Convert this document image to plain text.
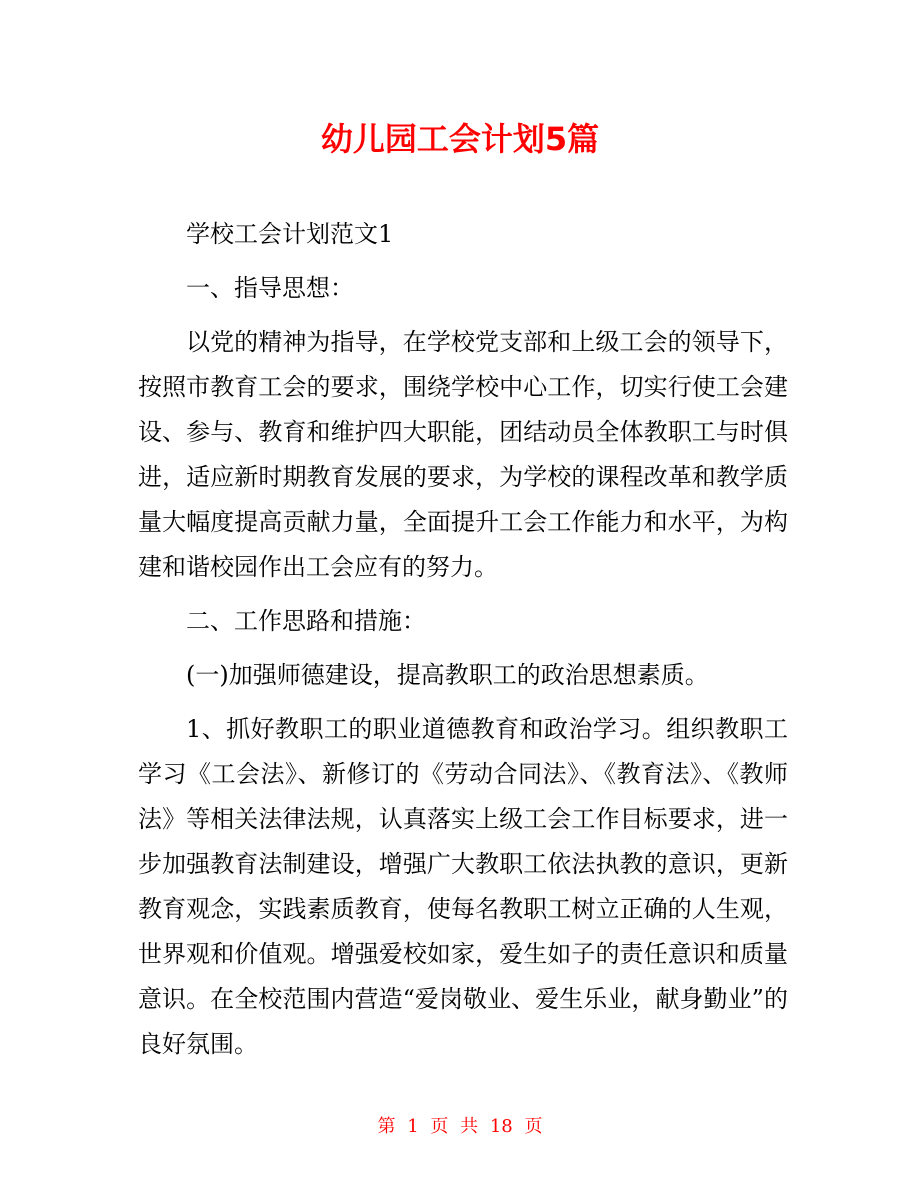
幼儿园工会计划5篇

学校工会计划范文1

一、指导思想：

以党的精神为指导，在学校党支部和上级工会的领导下，按照市教育工会的要求，围绕学校中心工作，切实行使工会建设、参与、教育和维护四大职能，团结动员全体教职工与时俱进，适应新时期教育发展的要求，为学校的课程改革和教学质量大幅度提高贡献力量，全面提升工会工作能力和水平，为构建和谐校园作出工会应有的努力。

二、工作思路和措施：

(一)加强师德建设，提高教职工的政治思想素质。

1、抓好教职工的职业道德教育和政治学习。组织教职工学习《工会法》、新修订的《劳动合同法》、《教育法》、《教师法》等相关法律法规，认真落实上级工会工作目标要求，进一步加强教育法制建设，增强广大教职工依法执教的意识，更新教育观念，实践素质教育，使每名教职工树立正确的人生观，世界观和价值观。增强爱校如家，爱生如子的责任意识和质量意识。在全校范围内营造“爱岗敬业、爱生乐业，献身勤业”的良好氛围。

第 1 页 共 18 页
